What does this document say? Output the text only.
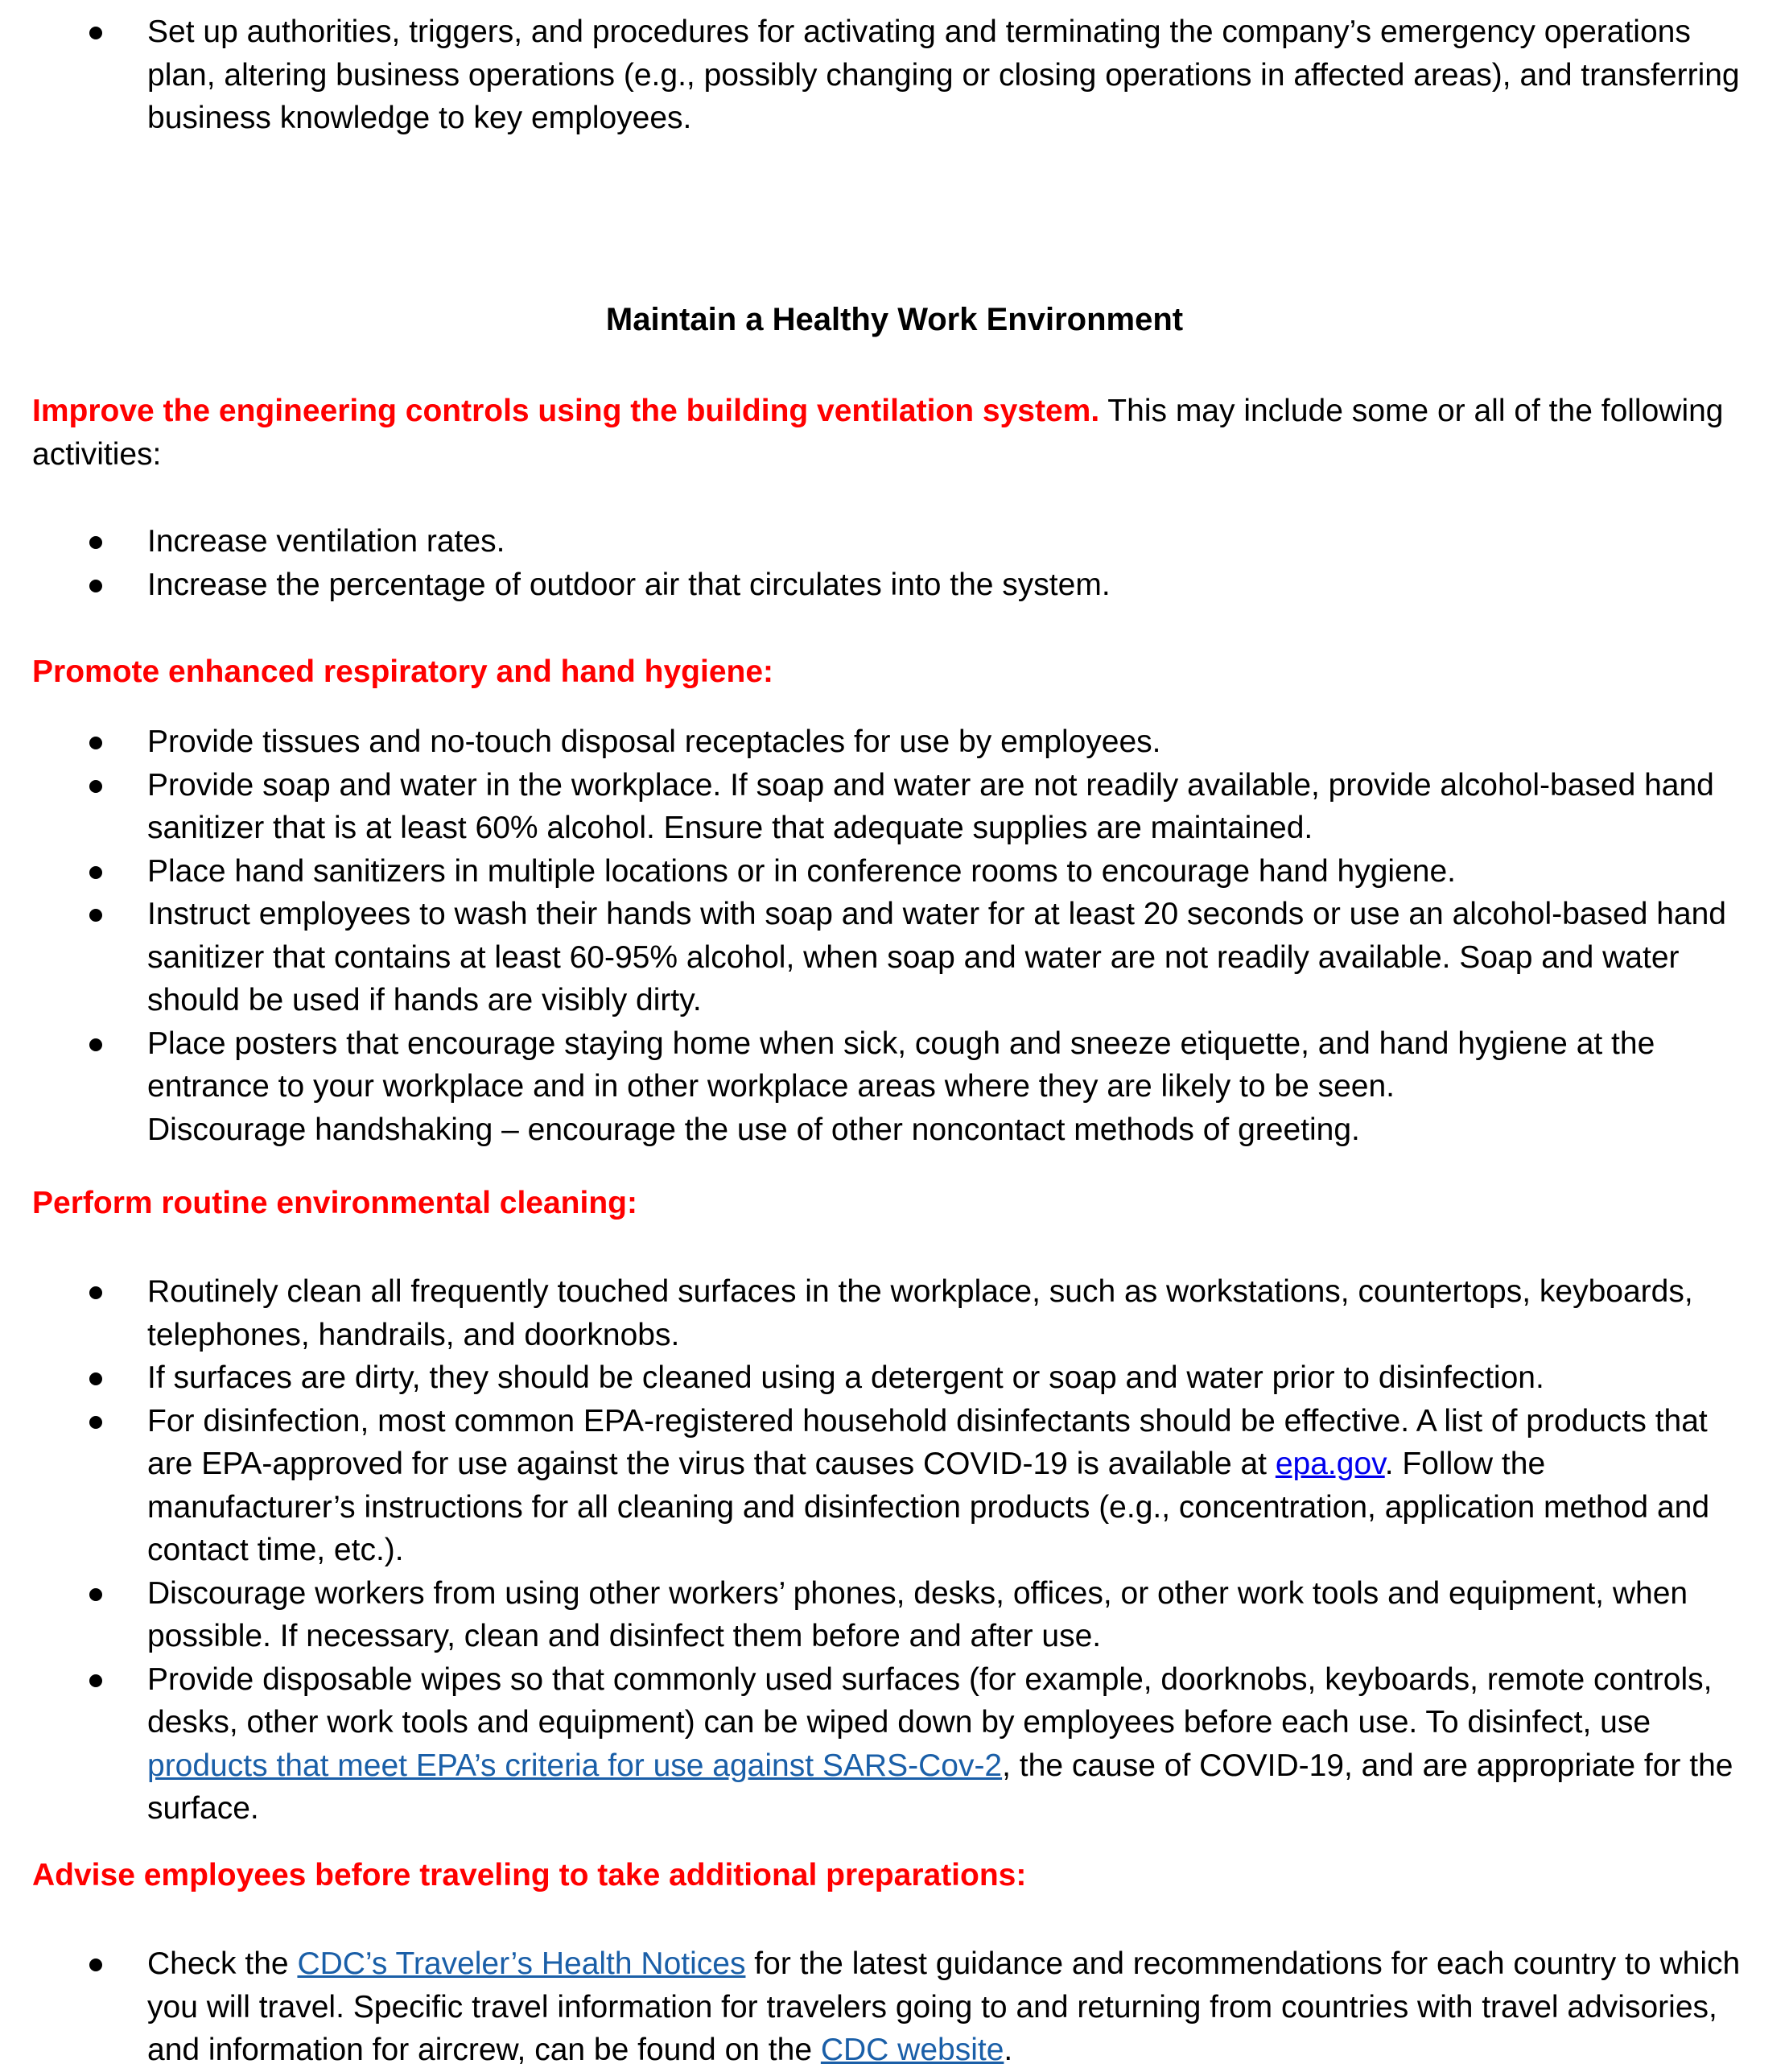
Set up authorities, triggers, and procedures for activating and terminating the company’s emergency operations plan, altering business operations (e.g., possibly changing or closing operations in affected areas), and transferring business knowledge to key employees.
Maintain a Healthy Work Environment
Improve the engineering controls using the building ventilation system. This may include some or all of the following activities:
Increase ventilation rates.
Increase the percentage of outdoor air that circulates into the system.
Promote enhanced respiratory and hand hygiene:
Provide tissues and no-touch disposal receptacles for use by employees.
Provide soap and water in the workplace. If soap and water are not readily available, provide alcohol-based hand sanitizer that is at least 60% alcohol. Ensure that adequate supplies are maintained.
Place hand sanitizers in multiple locations or in conference rooms to encourage hand hygiene.
Instruct employees to wash their hands with soap and water for at least 20 seconds or use an alcohol-based hand sanitizer that contains at least 60-95% alcohol, when soap and water are not readily available. Soap and water should be used if hands are visibly dirty.
Place posters that encourage staying home when sick, cough and sneeze etiquette, and hand hygiene at the entrance to your workplace and in other workplace areas where they are likely to be seen.
Discourage handshaking – encourage the use of other noncontact methods of greeting.
Perform routine environmental cleaning:
Routinely clean all frequently touched surfaces in the workplace, such as workstations, countertops, keyboards, telephones, handrails, and doorknobs.
If surfaces are dirty, they should be cleaned using a detergent or soap and water prior to disinfection.
For disinfection, most common EPA-registered household disinfectants should be effective. A list of products that are EPA-approved for use against the virus that causes COVID-19 is available at epa.gov. Follow the manufacturer’s instructions for all cleaning and disinfection products (e.g., concentration, application method and contact time, etc.).
Discourage workers from using other workers’ phones, desks, offices, or other work tools and equipment, when possible. If necessary, clean and disinfect them before and after use.
Provide disposable wipes so that commonly used surfaces (for example, doorknobs, keyboards, remote controls, desks, other work tools and equipment) can be wiped down by employees before each use. To disinfect, use products that meet EPA’s criteria for use against SARS-Cov-2, the cause of COVID-19, and are appropriate for the surface.
Advise employees before traveling to take additional preparations:
Check the CDC’s Traveler’s Health Notices for the latest guidance and recommendations for each country to which you will travel. Specific travel information for travelers going to and returning from countries with travel advisories, and information for aircrew, can be found on the CDC website.
